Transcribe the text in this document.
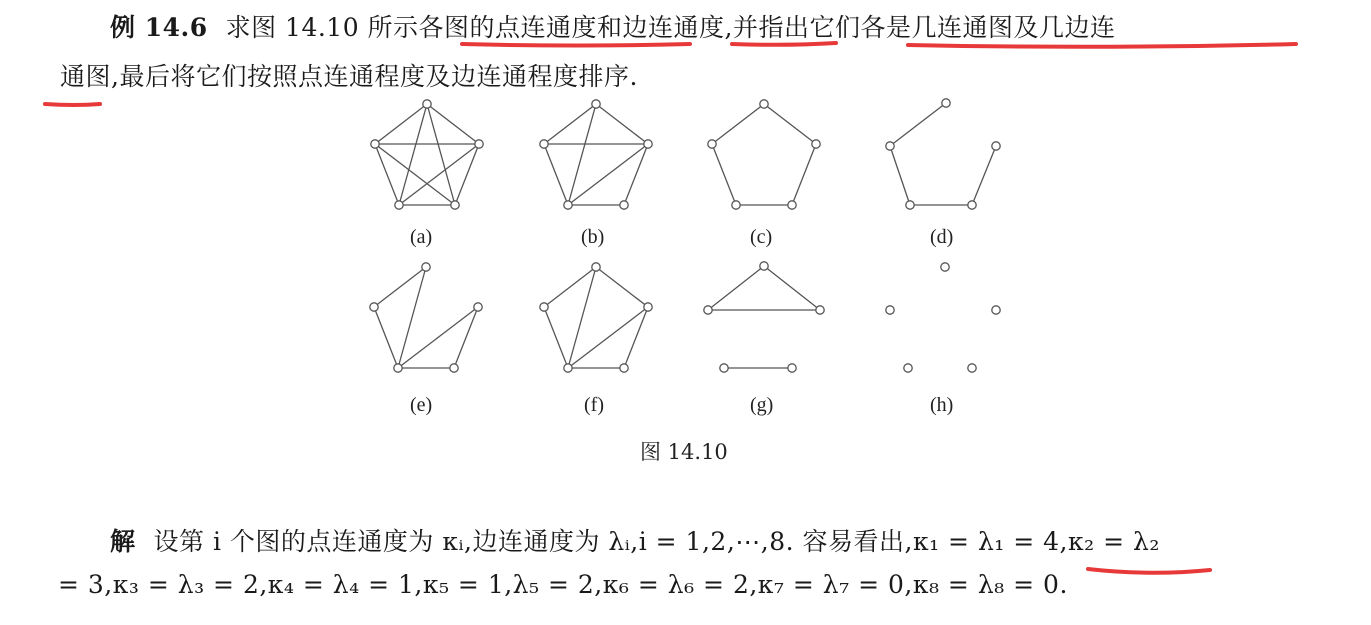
例 14.6 求图 14.10 所示各图的点连通度和边连通度,并指出它们各是几连通图及几边连
通图,最后将它们按照点连通程度及边连通程度排序.
(a)	(b)	(c)	(d)
(e)	(f)	(g)	(h)
图 14.10
解 设第 i 个图的点连通度为 κᵢ,边连通度为 λᵢ,i = 1,2,⋯,8. 容易看出,κ₁ = λ₁ = 4,κ₂ = λ₂
= 3,κ₃ = λ₃ = 2,κ₄ = λ₄ = 1,κ₅ = 1,λ₅ = 2,κ₆ = λ₆ = 2,κ₇ = λ₇ = 0,κ₈ = λ₈ = 0.
